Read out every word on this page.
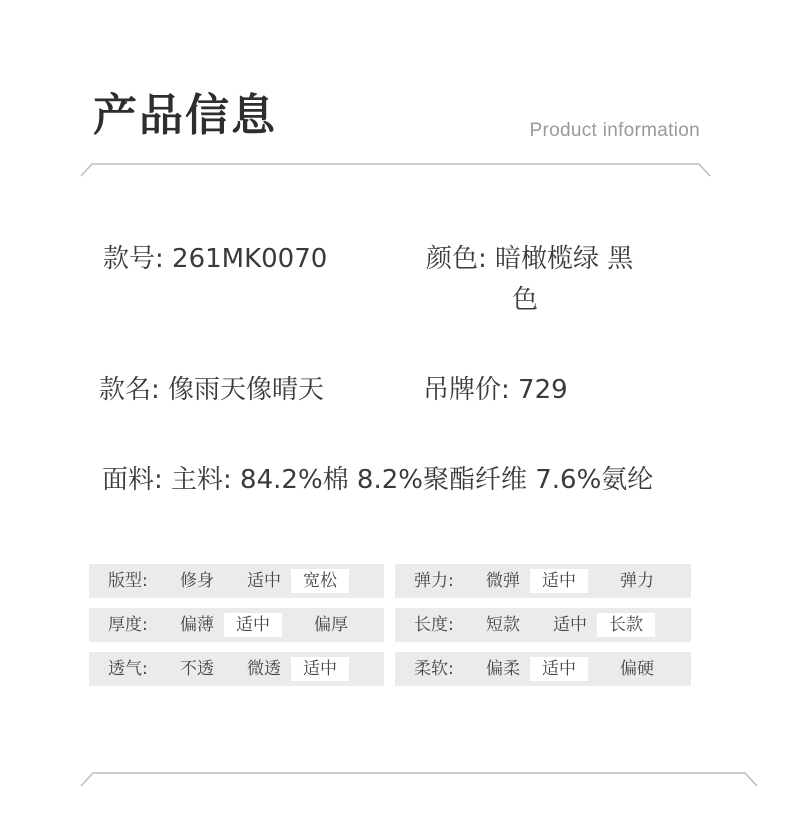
产品信息	Product information
款号: 261MK0070	颜色: 暗橄榄绿 黑
色
款名: 像雨天像晴天	吊牌价: 729
面料: 主料: 84.2%棉 8.2%聚酯纤维 7.6%氨纶
版型: 修身 适中	宽松	弹力: 微弹	适中	弹力
厚度: 偏薄	适中	偏厚	长度: 短款 适中	长款
透气: 不透 微透	适中	柔软: 偏柔	适中	偏硬
